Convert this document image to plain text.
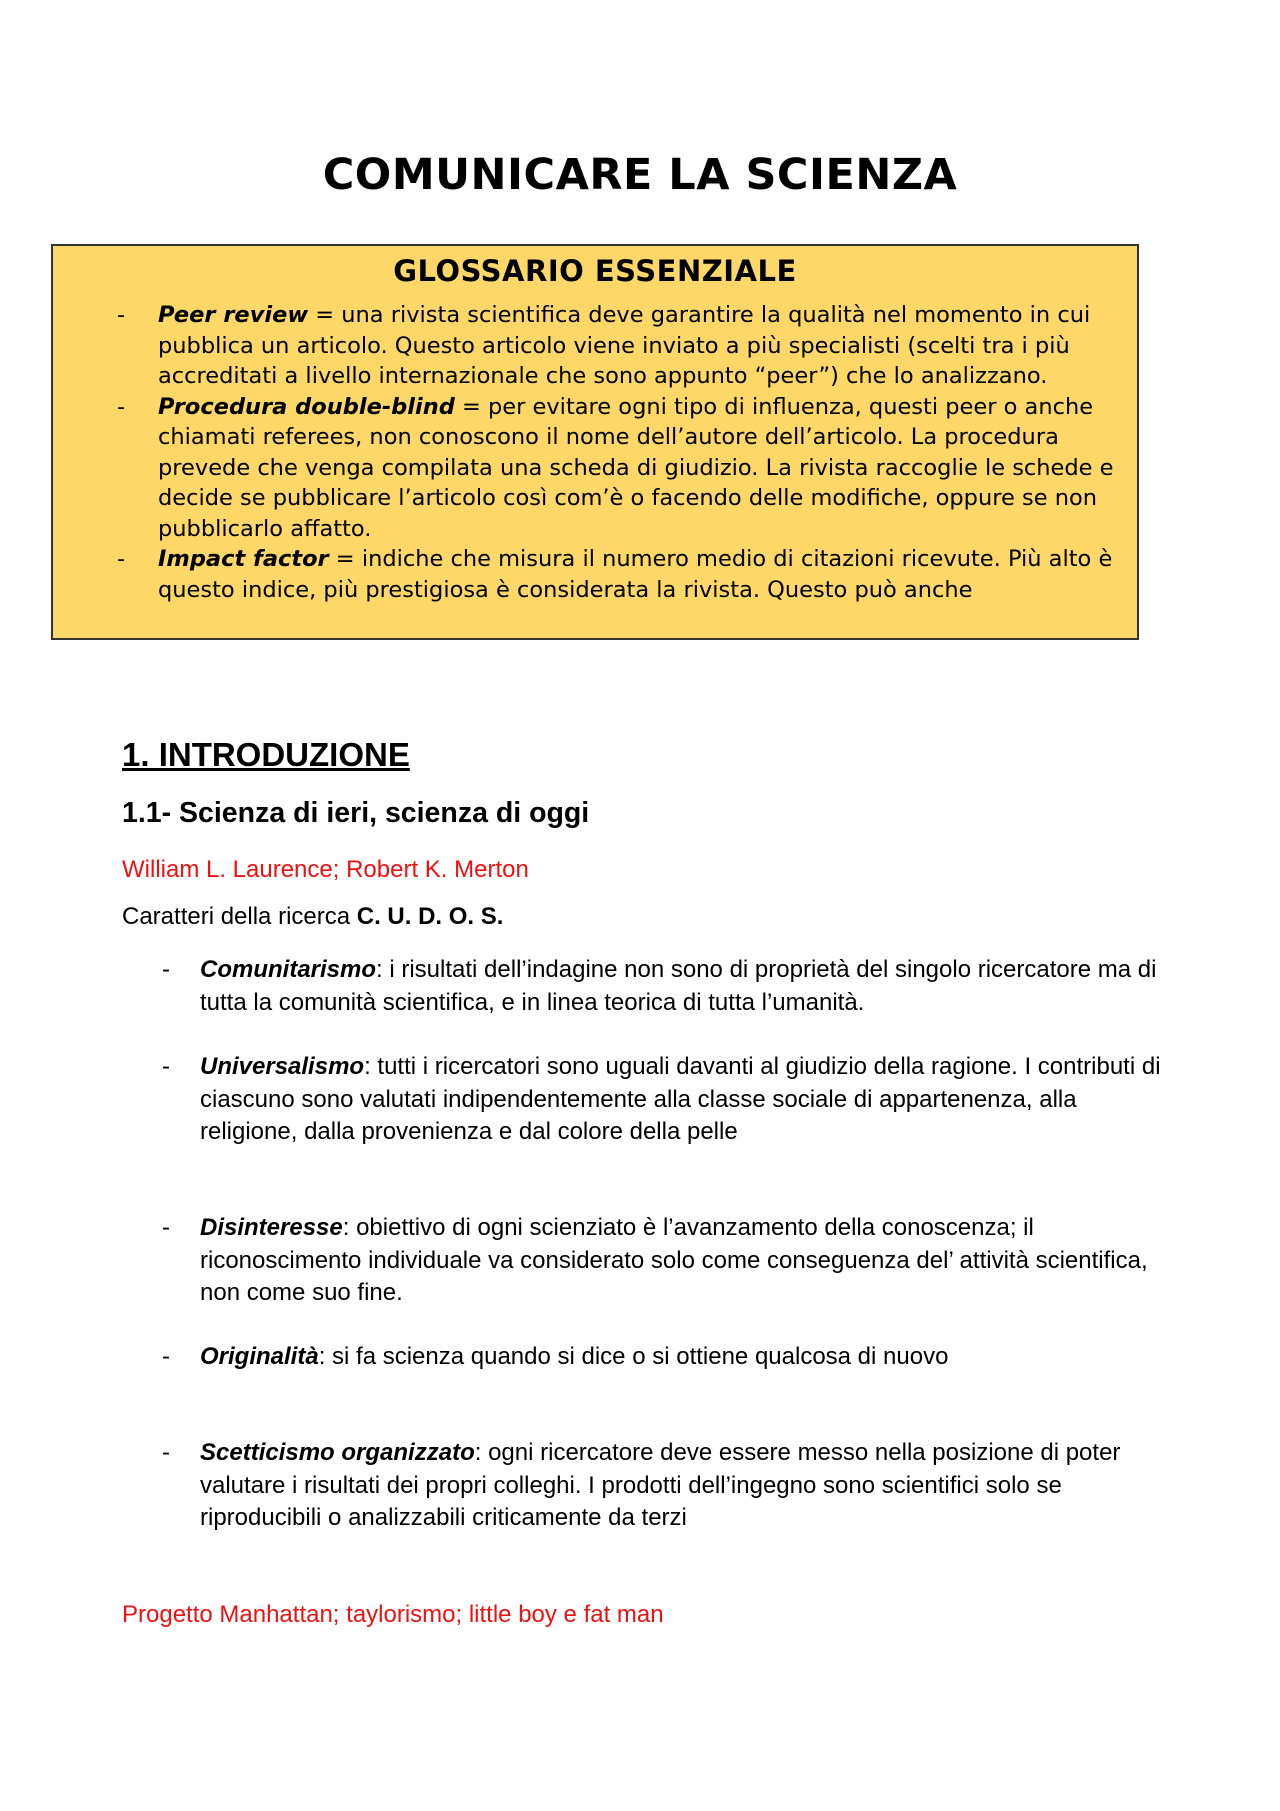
COMUNICARE LA SCIENZA
GLOSSARIO ESSENZIALE
- Peer review = una rivista scientifica deve garantire la qualità nel momento in cui pubblica un articolo. Questo articolo viene inviato a più specialisti (scelti tra i più accreditati a livello internazionale che sono appunto “peer”) che lo analizzano.
- Procedura double-blind = per evitare ogni tipo di influenza, questi peer o anche chiamati referees, non conoscono il nome dell’autore dell’articolo. La procedura prevede che venga compilata una scheda di giudizio. La rivista raccoglie le schede e decide se pubblicare l’articolo così com’è o facendo delle modifiche, oppure se non pubblicarlo affatto.
- Impact factor = indiche che misura il numero medio di citazioni ricevute. Più alto è questo indice, più prestigiosa è considerata la rivista. Questo può anche
1. INTRODUZIONE
1.1- Scienza di ieri, scienza di oggi
William L. Laurence; Robert K. Merton
Caratteri della ricerca C. U. D. O. S.
- Comunitarismo: i risultati dell’indagine non sono di proprietà del singolo ricercatore ma di tutta la comunità scientifica, e in linea teorica di tutta l’umanità.
- Universalismo: tutti i ricercatori sono uguali davanti al giudizio della ragione. I contributi di ciascuno sono valutati indipendentemente alla classe sociale di appartenenza, alla religione, dalla provenienza e dal colore della pelle
- Disinteresse: obiettivo di ogni scienziato è l’avanzamento della conoscenza; il riconoscimento individuale va considerato solo come conseguenza del’ attività scientifica, non come suo fine.
- Originalità: si fa scienza quando si dice o si ottiene qualcosa di nuovo
- Scetticismo organizzato: ogni ricercatore deve essere messo nella posizione di poter valutare i risultati dei propri colleghi. I prodotti dell’ingegno sono scientifici solo se riproducibili o analizzabili criticamente da terzi
Progetto Manhattan; taylorismo; little boy e fat man
